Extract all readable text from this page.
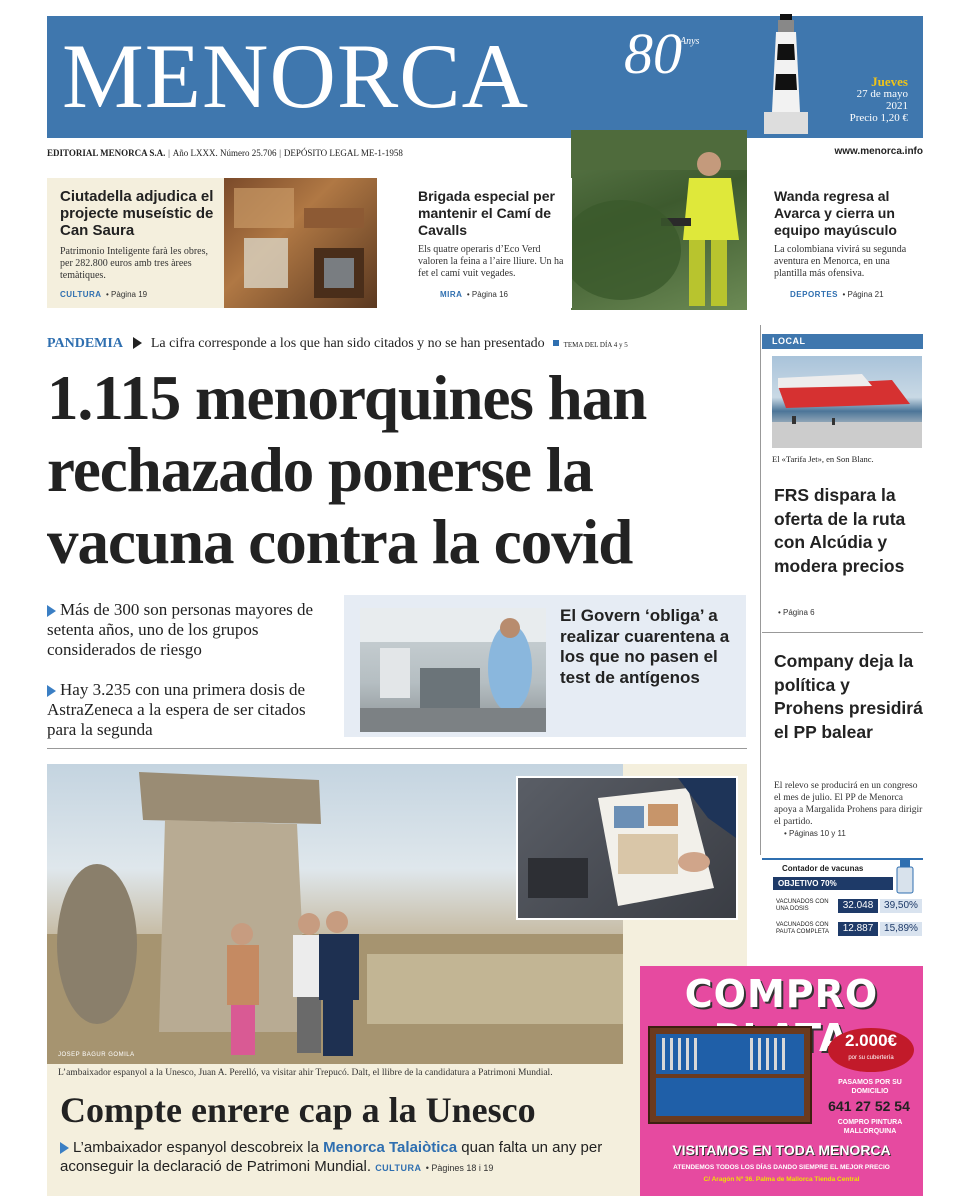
MENORCA 80
Anys
Jueves
27 de mayo
2021
Precio 1,20 €
EDITORIAL MENORCA S.A. | Año LXXX. Número 25.706 | DEPÓSITO LEGAL ME-1-1958	www.menorca.info
Ciutadella adjudica el projecte museístic de Can Saura
Patrimonio Inteligente farà les obres, per 282.800 euros amb tres àrees temàtiques.
CULTURA • Pàgina 19
Brigada especial per mantenir el Camí de Cavalls
Els quatre operaris d’Eco Verd valoren la feina a l’aire lliure. Un ha fet el camí vuit vegades.
MIRA • Pàgina 16
Wanda regresa al Avarca y cierra un equipo mayúsculo
La colombiana vivirá su segunda aventura en Menorca, en una plantilla más ofensiva.
DEPORTES • Página 21
PANDEMIA La cifra corresponde a los que han sido citados y no se han presentado	TEMA DEL DÍA 4 y 5
1.115 menorquines han rechazado ponerse la vacuna contra la covid
Más de 300 son personas mayores de setenta años, uno de los grupos considerados de riesgo
Hay 3.235 con una primera dosis de AstraZeneca a la espera de ser citados para la segunda
El Govern ‘obliga’ a realizar cuarentena a los que no pasen el test de antígenos
JOSEP BAGUR GOMILA
L’ambaixador espanyol a la Unesco, Juan A. Perelló, va visitar ahir Trepucó. Dalt, el llibre de la candidatura a Patrimoni Mundial.
Compte enrere cap a la Unesco
L’ambaixador espanyol descobreix la Menorca Talaiòtica quan falta un any per aconseguir la declaració de Patrimoni Mundial. CULTURA • Pàgines 18 i 19
LOCAL
El «Tarifa Jet», en Son Blanc.
FRS dispara la oferta de la ruta con Alcúdia y modera precios
• Página 6
Company deja la política y Prohens presidirá el PP balear
El relevo se producirá en un congreso el mes de julio. El PP de Menorca apoya a Margalida Prohens para dirigir el partido.
• Páginas 10 y 11
Contador de vacunas
OBJETIVO 70%
VACUNADOS CON UNA DOSIS	32.048	39,50%
VACUNADOS CON PAUTA COMPLETA	12.887	15,89%
COMPRO
2.000€
por su cubertería
PASAMOS POR SU DOMICILIO
641 27 52 54
COMPRO PINTURA MALLORQUINA
VISITAMOS EN TODA MENORCA
ATENDEMOS TODOS LOS DÍAS DANDO SIEMPRE EL MEJOR PRECIO
C/ Aragón Nº 36. Palma de Mallorca Tienda Central
